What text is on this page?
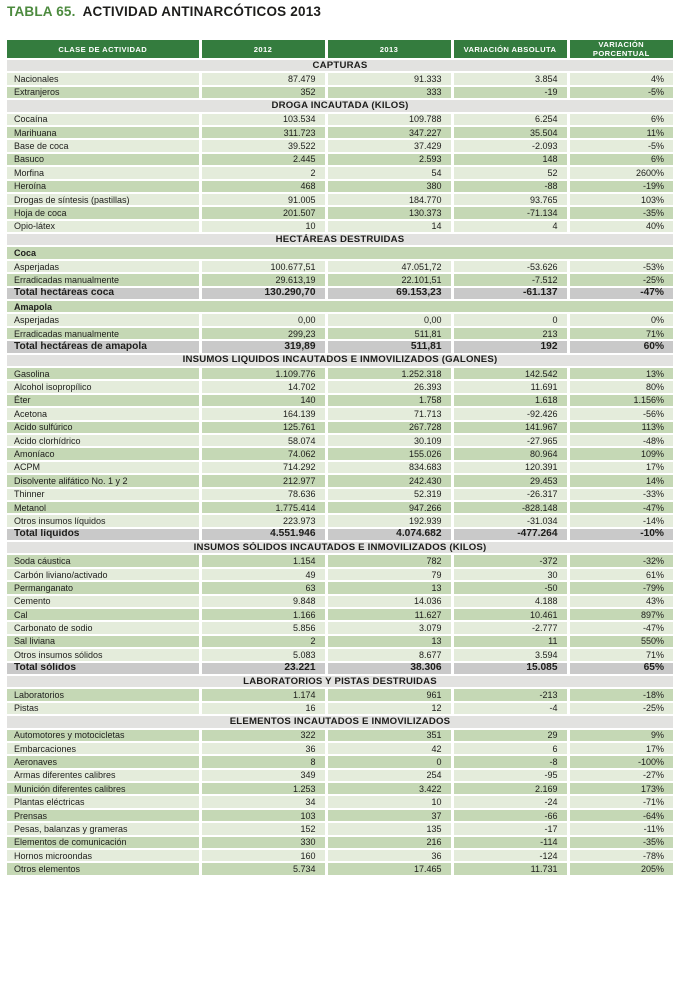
TABLA 65. ACTIVIDAD ANTINARCÓTICOS 2013
CLASE DE ACTIVIDAD	2012	2013	VARIACIÓN ABSOLUTA	VARIACIÓN PORCENTUAL
CAPTURAS				
Nacionales	87.479	91.333	3.854	4%
Extranjeros	352	333	-19	-5%
DROGA INCAUTADA (KILOS)				
Cocaína	103.534	109.788	6.254	6%
Marihuana	311.723	347.227	35.504	11%
Base de coca	39.522	37.429	-2.093	-5%
Basuco	2.445	2.593	148	6%
Morfina	2	54	52	2600%
Heroína	468	380	-88	-19%
Drogas de síntesis (pastillas)	91.005	184.770	93.765	103%
Hoja de coca	201.507	130.373	-71.134	-35%
Opio-látex	10	14	4	40%
HECTÁREAS DESTRUIDAS				
Coca				
Asperjadas	100.677,51	47.051,72	-53.626	-53%
Erradicadas manualmente	29.613,19	22.101,51	-7.512	-25%
Total hectáreas coca	130.290,70	69.153,23	-61.137	-47%
Amapola				
Asperjadas	0,00	0,00	0	0%
Erradicadas manualmente	299,23	511,81	213	71%
Total hectáreas de amapola	319,89	511,81	192	60%
INSUMOS LÍQUIDOS INCAUTADOS E INMOVILIZADOS (GALONES)				
Gasolina	1.109.776	1.252.318	142.542	13%
Alcohol isopropílico	14.702	26.393	11.691	80%
Éter	140	1.758	1.618	1.156%
Acetona	164.139	71.713	-92.426	-56%
Acido sulfúrico	125.761	267.728	141.967	113%
Acido clorhídrico	58.074	30.109	-27.965	-48%
Amoníaco	74.062	155.026	80.964	109%
ACPM	714.292	834.683	120.391	17%
Disolvente alifático No. 1 y 2	212.977	242.430	29.453	14%
Thinner	78.636	52.319	-26.317	-33%
Metanol	1.775.414	947.266	-828.148	-47%
Otros insumos líquidos	223.973	192.939	-31.034	-14%
Total líquidos	4.551.946	4.074.682	-477.264	-10%
INSUMOS SÓLIDOS INCAUTADOS E INMOVILIZADOS (KILOS)				
Soda cáustica	1.154	782	-372	-32%
Carbón liviano/activado	49	79	30	61%
Permanganato	63	13	-50	-79%
Cemento	9.848	14.036	4.188	43%
Cal	1.166	11.627	10.461	897%
Carbonato de sodio	5.856	3.079	-2.777	-47%
Sal liviana	2	13	11	550%
Otros insumos sólidos	5.083	8.677	3.594	71%
Total sólidos	23.221	38.306	15.085	65%
LABORATORIOS Y PISTAS DESTRUIDAS				
Laboratorios	1.174	961	-213	-18%
Pistas	16	12	-4	-25%
ELEMENTOS INCAUTADOS E INMOVILIZADOS				
Automotores y motocicletas	322	351	29	9%
Embarcaciones	36	42	6	17%
Aeronaves	8	0	-8	-100%
Armas diferentes calibres	349	254	-95	-27%
Munición diferentes calibres	1.253	3.422	2.169	173%
Plantas eléctricas	34	10	-24	-71%
Prensas	103	37	-66	-64%
Pesas, balanzas y grameras	152	135	-17	-11%
Elementos de comunicación	330	216	-114	-35%
Hornos microondas	160	36	-124	-78%
Otros elementos	5.734	17.465	11.731	205%
